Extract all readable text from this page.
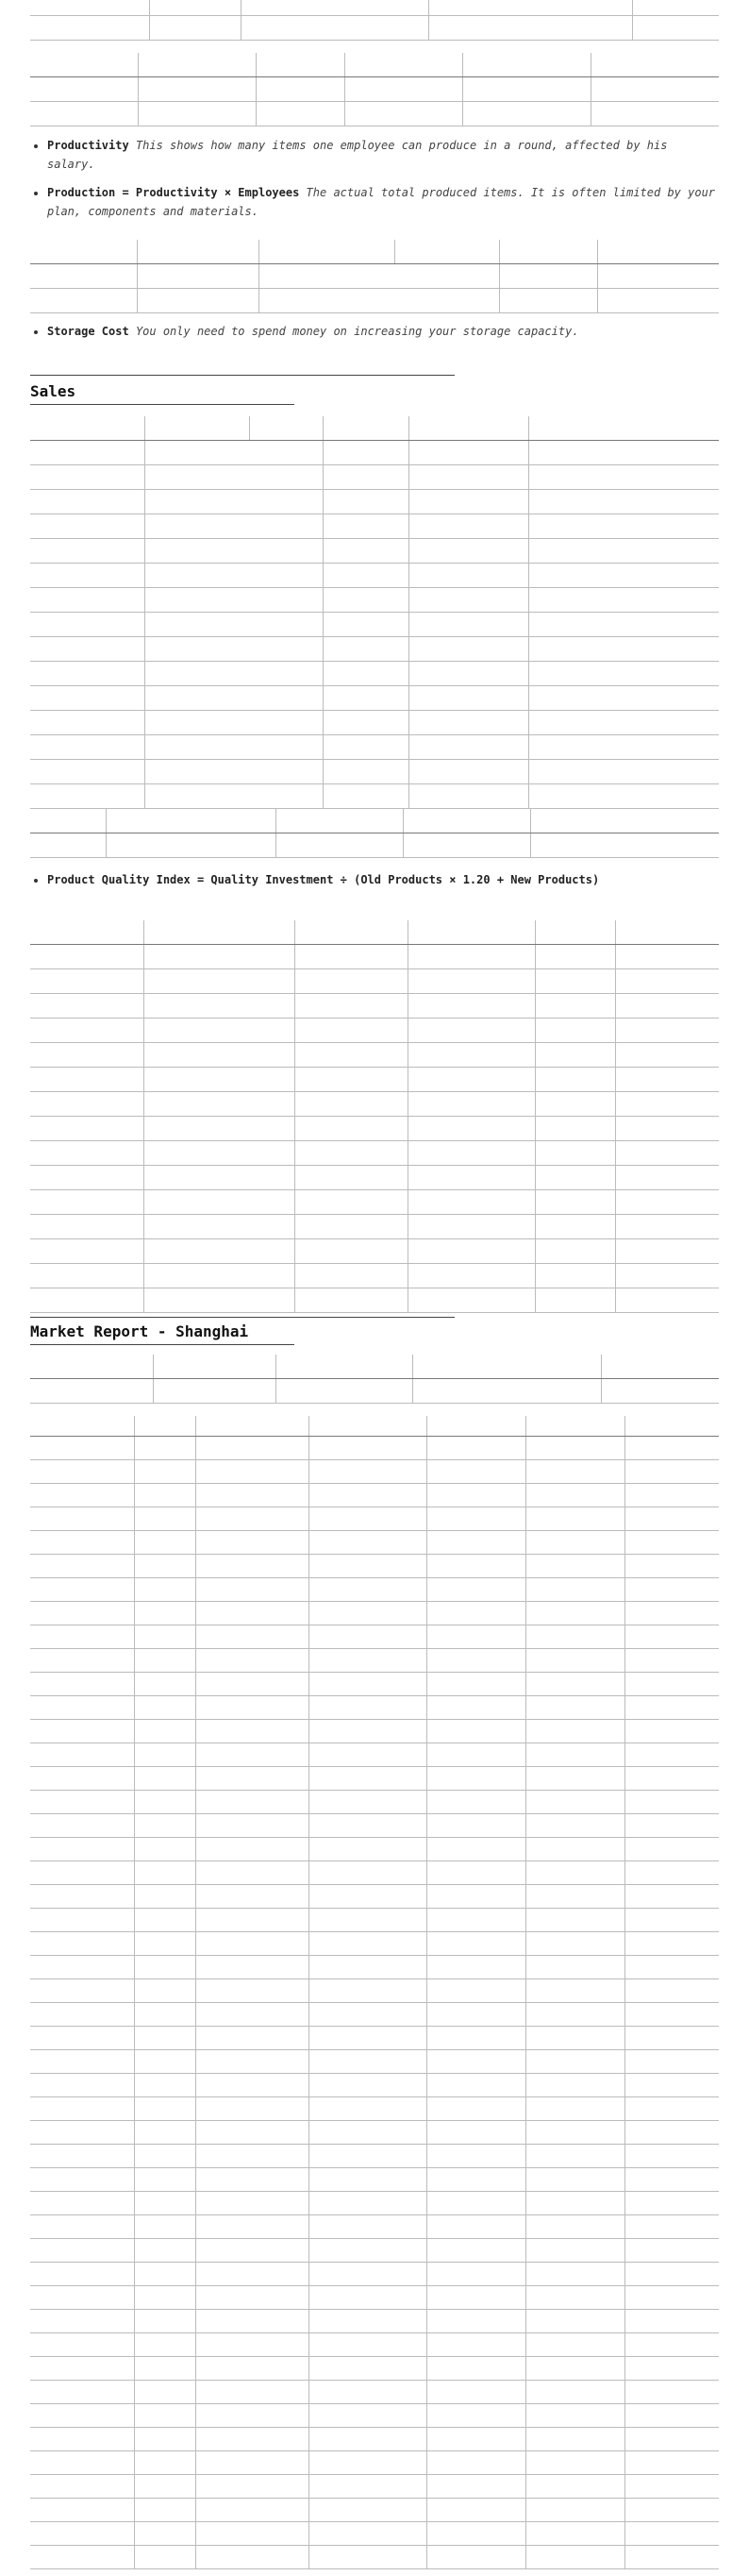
• Productivity This shows how many items one employee can produce in a round, affected by his salary.
• Production = Productivity × Employees The actual total produced items. It is often limited by your plan, components and materials.

• Storage Cost You only need to spend money on increasing your storage capacity.
Sales

• Product Quality Index = Quality Investment ÷ (Old Products × 1.20 + New Products)

Market Report - Shanghai
